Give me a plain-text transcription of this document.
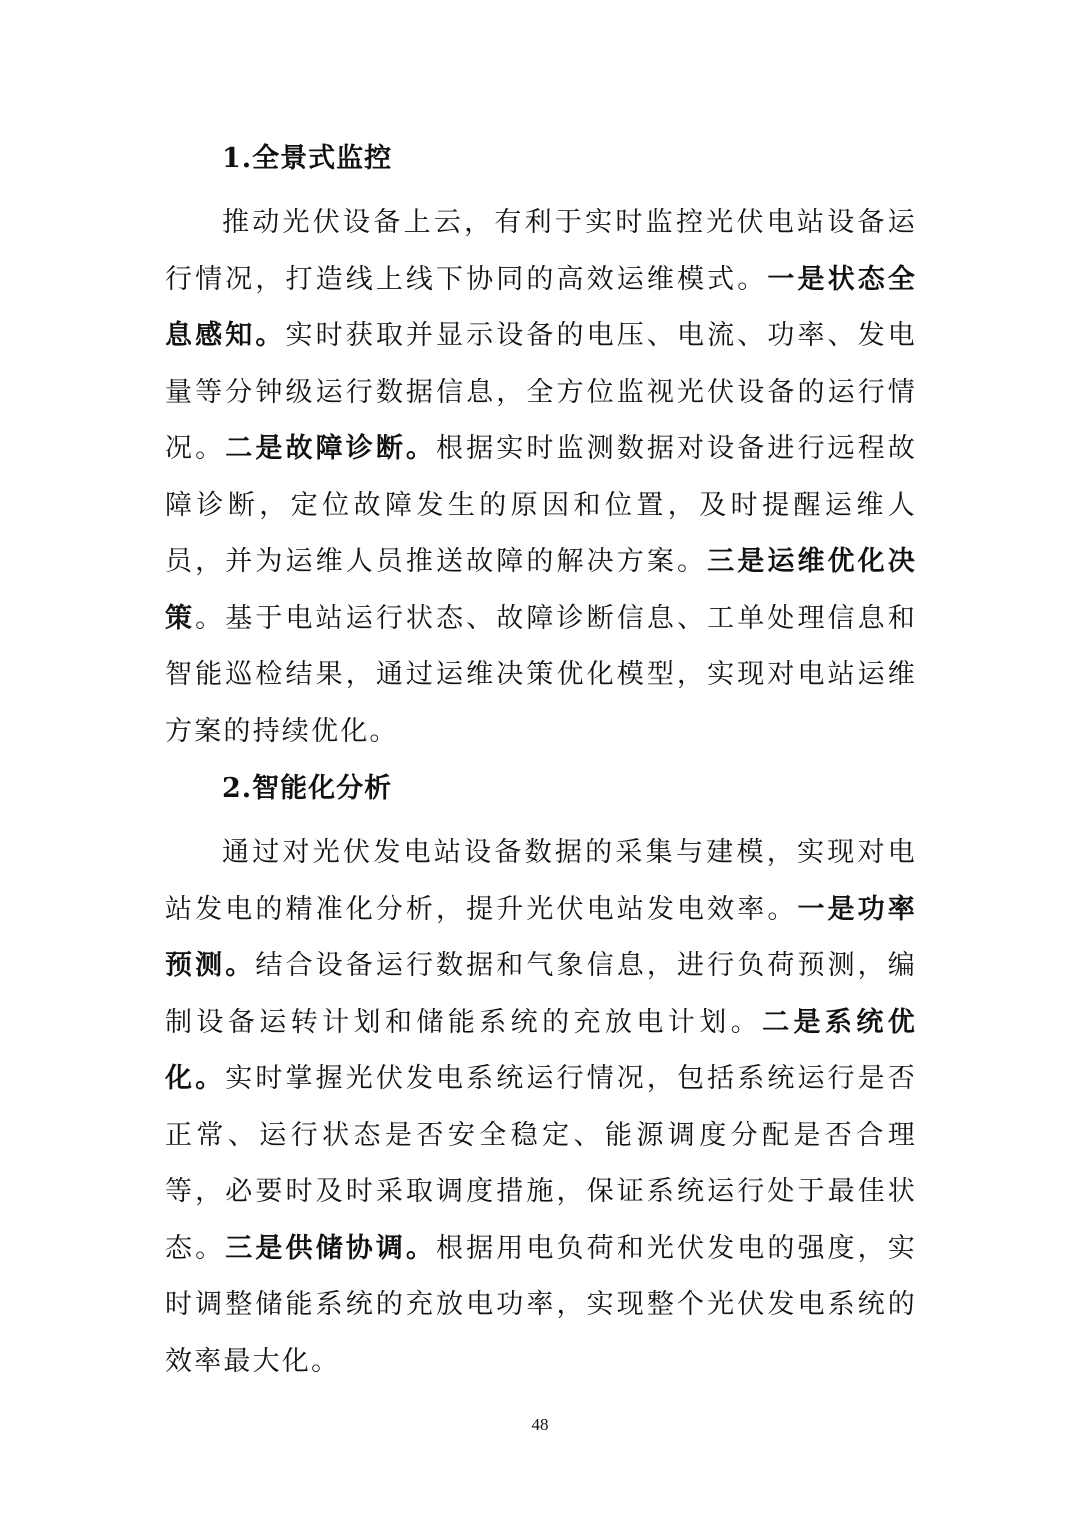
1.全景式监控

推动光伏设备上云，有利于实时监控光伏电站设备运行情况，打造线上线下协同的高效运维模式。一是状态全息感知。实时获取并显示设备的电压、电流、功率、发电量等分钟级运行数据信息，全方位监视光伏设备的运行情况。二是故障诊断。根据实时监测数据对设备进行远程故障诊断，定位故障发生的原因和位置，及时提醒运维人员，并为运维人员推送故障的解决方案。三是运维优化决策。基于电站运行状态、故障诊断信息、工单处理信息和智能巡检结果，通过运维决策优化模型，实现对电站运维方案的持续优化。

2.智能化分析

通过对光伏发电站设备数据的采集与建模，实现对电站发电的精准化分析，提升光伏电站发电效率。一是功率预测。结合设备运行数据和气象信息，进行负荷预测，编制设备运转计划和储能系统的充放电计划。二是系统优化。实时掌握光伏发电系统运行情况，包括系统运行是否正常、运行状态是否安全稳定、能源调度分配是否合理等，必要时及时采取调度措施，保证系统运行处于最佳状态。三是供储协调。根据用电负荷和光伏发电的强度，实时调整储能系统的充放电功率，实现整个光伏发电系统的效率最大化。

48
